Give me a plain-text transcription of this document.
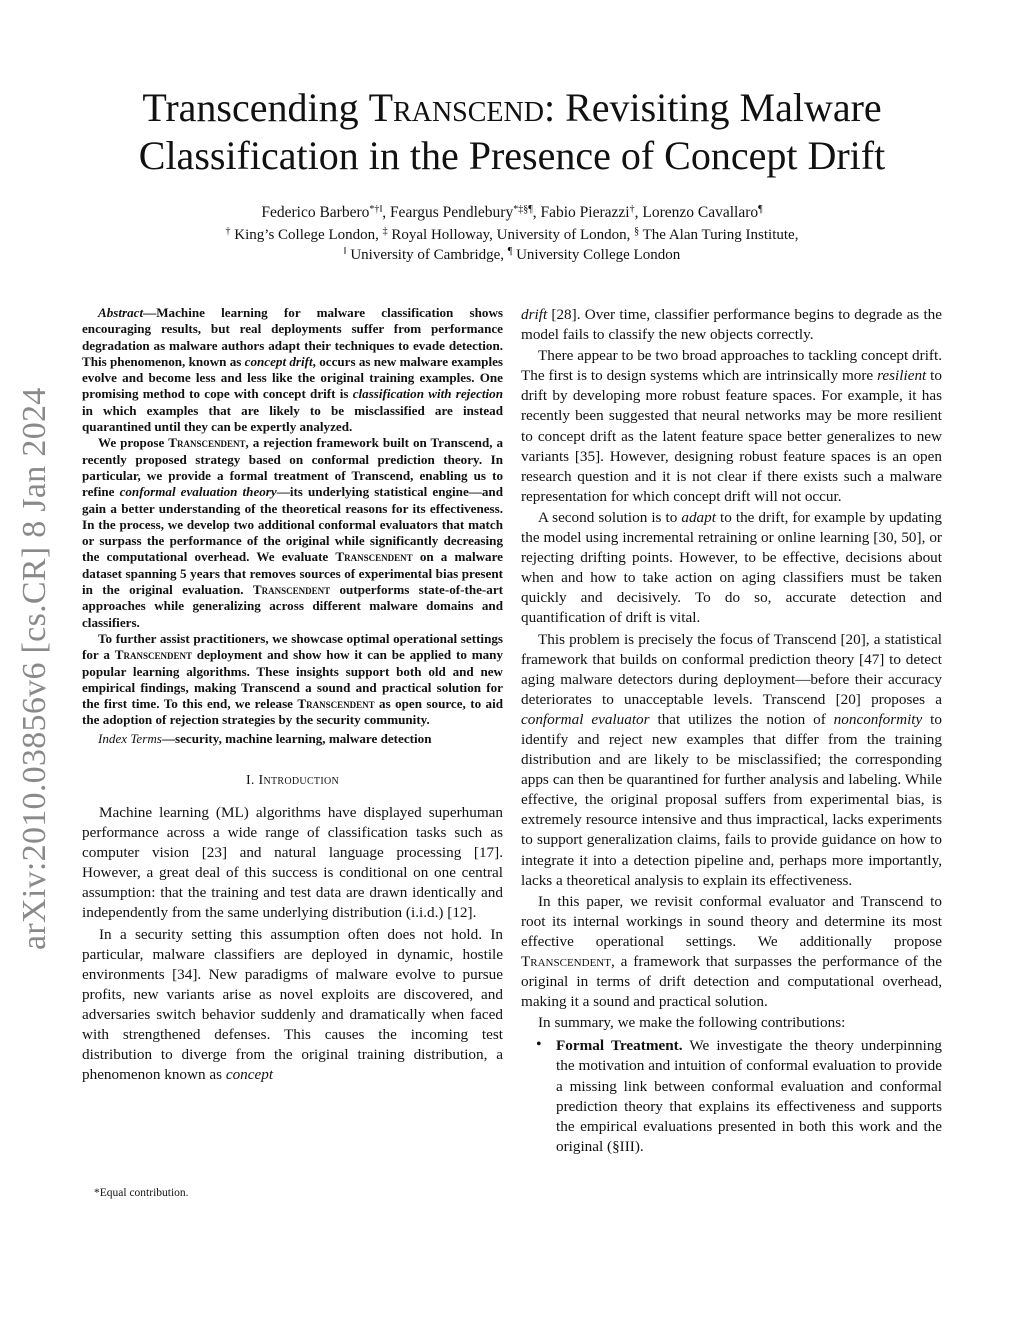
arXiv:2010.03856v6 [cs.CR] 8 Jan 2024
Transcending Transcend: Revisiting Malware
Classification in the Presence of Concept Drift
Federico Barbero*†‖, Feargus Pendlebury*‡§¶, Fabio Pierazzi†, Lorenzo Cavallaro¶
† King’s College London, ‡ Royal Holloway, University of London, § The Alan Turing Institute,
‖ University of Cambridge, ¶ University College London

Abstract—Machine learning for malware classification shows encouraging results, but real deployments suffer from performance degradation as malware authors adapt their techniques to evade detection. This phenomenon, known as concept drift, occurs as new malware examples evolve and become less and less like the original training examples. One promising method to cope with concept drift is classification with rejection in which examples that are likely to be misclassified are instead quarantined until they can be expertly analyzed.

We propose Transcendent, a rejection framework built on Transcend, a recently proposed strategy based on conformal prediction theory. In particular, we provide a formal treatment of Transcend, enabling us to refine conformal evaluation theory—its underlying statistical engine—and gain a better understanding of the theoretical reasons for its effectiveness. In the process, we develop two additional conformal evaluators that match or surpass the performance of the original while significantly decreasing the computational overhead. We evaluate Transcendent on a malware dataset spanning 5 years that removes sources of experimental bias present in the original evaluation. Transcendent outperforms state-of-the-art approaches while generalizing across different malware domains and classifiers.

To further assist practitioners, we showcase optimal operational settings for a Transcendent deployment and show how it can be applied to many popular learning algorithms. These insights support both old and new empirical findings, making Transcend a sound and practical solution for the first time. To this end, we release Transcendent as open source, to aid the adoption of rejection strategies by the security community.

Index Terms—security, machine learning, malware detection

I. Introduction

Machine learning (ML) algorithms have displayed superhuman performance across a wide range of classification tasks such as computer vision [23] and natural language processing [17]. However, a great deal of this success is conditional on one central assumption: that the training and test data are drawn identically and independently from the same underlying distribution (i.i.d.) [12].

In a security setting this assumption often does not hold. In particular, malware classifiers are deployed in dynamic, hostile environments [34]. New paradigms of malware evolve to pursue profits, new variants arise as novel exploits are discovered, and adversaries switch behavior suddenly and dramatically when faced with strengthened defenses. This causes the incoming test distribution to diverge from the original training distribution, a phenomenon known as concept

*Equal contribution.

drift [28]. Over time, classifier performance begins to degrade as the model fails to classify the new objects correctly.

There appear to be two broad approaches to tackling concept drift. The first is to design systems which are intrinsically more resilient to drift by developing more robust feature spaces. For example, it has recently been suggested that neural networks may be more resilient to concept drift as the latent feature space better generalizes to new variants [35]. However, designing robust feature spaces is an open research question and it is not clear if there exists such a malware representation for which concept drift will not occur.

A second solution is to adapt to the drift, for example by updating the model using incremental retraining or online learning [30, 50], or rejecting drifting points. However, to be effective, decisions about when and how to take action on aging classifiers must be taken quickly and decisively. To do so, accurate detection and quantification of drift is vital.

This problem is precisely the focus of Transcend [20], a statistical framework that builds on conformal prediction theory [47] to detect aging malware detectors during deployment—before their accuracy deteriorates to unacceptable levels. Transcend [20] proposes a conformal evaluator that utilizes the notion of nonconformity to identify and reject new examples that differ from the training distribution and are likely to be misclassified; the corresponding apps can then be quarantined for further analysis and labeling. While effective, the original proposal suffers from experimental bias, is extremely resource intensive and thus impractical, lacks experiments to support generalization claims, fails to provide guidance on how to integrate it into a detection pipeline and, perhaps more importantly, lacks a theoretical analysis to explain its effectiveness.

In this paper, we revisit conformal evaluator and Transcend to root its internal workings in sound theory and determine its most effective operational settings. We additionally propose Transcendent, a framework that surpasses the performance of the original in terms of drift detection and computational overhead, making it a sound and practical solution.

In summary, we make the following contributions:

• Formal Treatment. We investigate the theory underpinning the motivation and intuition of conformal evaluation to provide a missing link between conformal evaluation and conformal prediction theory that explains its effectiveness and supports the empirical evaluations presented in both this work and the original (§III).
